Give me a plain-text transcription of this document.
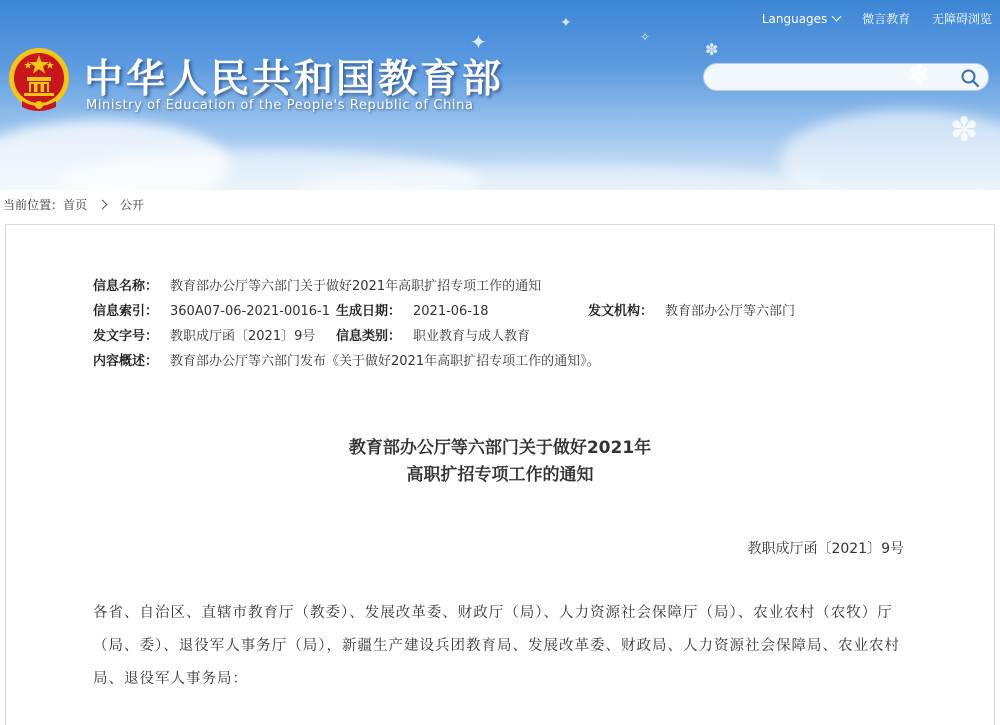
✦
✦
✽
✽
✧
中华人民共和国教育部
Ministry of Education of the People's Republic of China
Languages	微言教育 无障碍浏览
当前位置：首页	公开
信息名称： 教育部办公厅等六部门关于做好2021年高职扩招专项工作的通知
信息索引： 360A07-06-2021-0016-1 生成日期： 2021-06-18	发文机构： 教育部办公厅等六部门
发文字号： 教职成厅函〔2021〕9号 信息类别： 职业教育与成人教育
内容概述： 教育部办公厅等六部门发布《关于做好2021年高职扩招专项工作的通知》。
教育部办公厅等六部门关于做好2021年
高职扩招专项工作的通知
教职成厅函〔2021〕9号
各省、自治区、直辖市教育厅（教委）、发展改革委、财政厅（局）、人力资源社会保障厅（局）、农业农村（农牧）厅（局、委）、退役军人事务厅（局），新疆生产建设兵团教育局、发展改革委、财政局、人力资源社会保障局、农业农村局、退役军人事务局：
